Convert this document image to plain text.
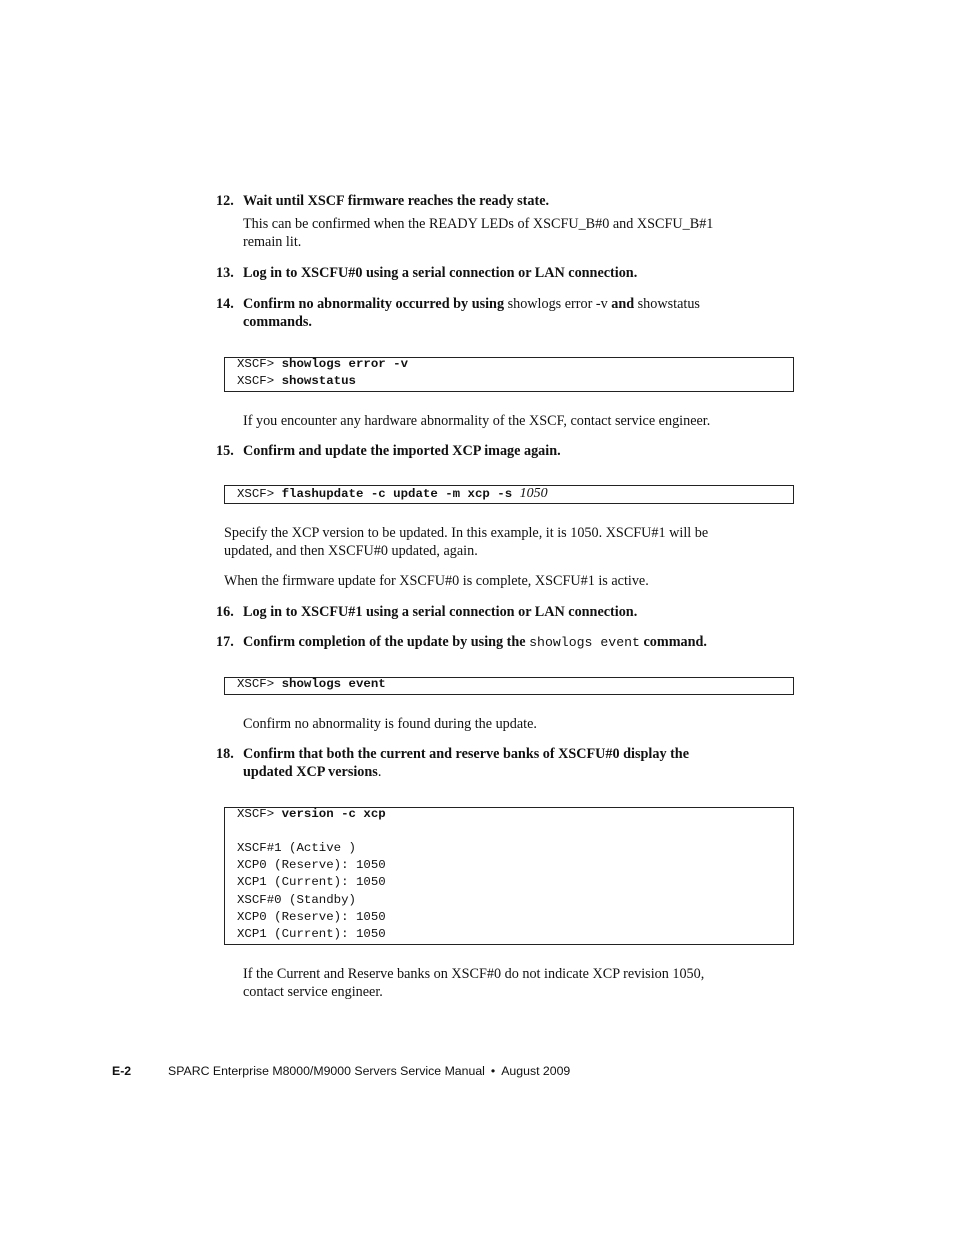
12. Wait until XSCF firmware reaches the ready state.
This can be confirmed when the READY LEDs of XSCFU_B#0 and XSCFU_B#1
remain lit.
13. Log in to XSCFU#0 using a serial connection or LAN connection.
14. Confirm no abnormality occurred by using showlogs error -v and showstatus
commands.
XSCF> showlogs error -v
XSCF> showstatus
If you encounter any hardware abnormality of the XSCF, contact service engineer.
15. Confirm and update the imported XCP image again.
XSCF> flashupdate -c update -m xcp -s 1050
Specify the XCP version to be updated. In this example, it is 1050. XSCFU#1 will be
updated, and then XSCFU#0 updated, again.
When the firmware update for XSCFU#0 is complete, XSCFU#1 is active.
16. Log in to XSCFU#1 using a serial connection or LAN connection.
17. Confirm completion of the update by using the showlogs event command.
XSCF> showlogs event
Confirm no abnormality is found during the update.
18. Confirm that both the current and reserve banks of XSCFU#0 display the
updated XCP versions.
XSCF> version -c xcp
XSCF#1 (Active )
XCP0 (Reserve): 1050
XCP1 (Current): 1050
XSCF#0 (Standby)
XCP0 (Reserve): 1050
XCP1 (Current): 1050
If the Current and Reserve banks on XSCF#0 do not indicate XCP revision 1050,
contact service engineer.
E-2	SPARC Enterprise M8000/M9000 Servers Service Manual • August 2009
